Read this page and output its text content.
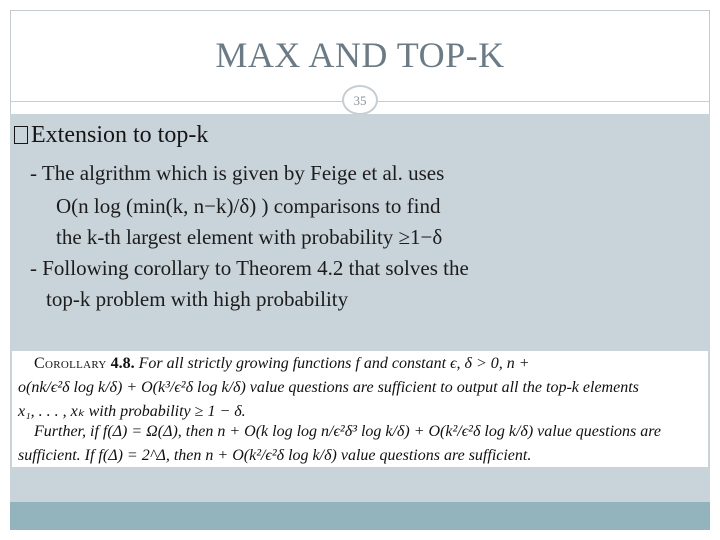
MAX AND TOP-K
35
Extension to top-k
- The algrithm which is given by Feige et al. uses
O(n log (min(k, n−k)/δ) ) comparisons to find
the k-th largest element with probability ≥1−δ
- Following corollary to Theorem 4.2 that solves the
top-k problem with high probability
Corollary 4.8. For all strictly growing functions f and constant ϵ, δ > 0, n +
o(nk/ϵ²δ log k/δ) + O(k³/ϵ²δ log k/δ) value questions are sufficient to output all the top-k elements
x₁, . . . , xₖ with probability ≥ 1 − δ.
Further, if f(Δ) = Ω(Δ), then n + O(k log log n/ϵ²δ³ log k/δ) + O(k²/ϵ²δ log k/δ) value questions are
sufficient. If f(Δ) = 2^Δ, then n + O(k²/ϵ²δ log k/δ) value questions are sufficient.
